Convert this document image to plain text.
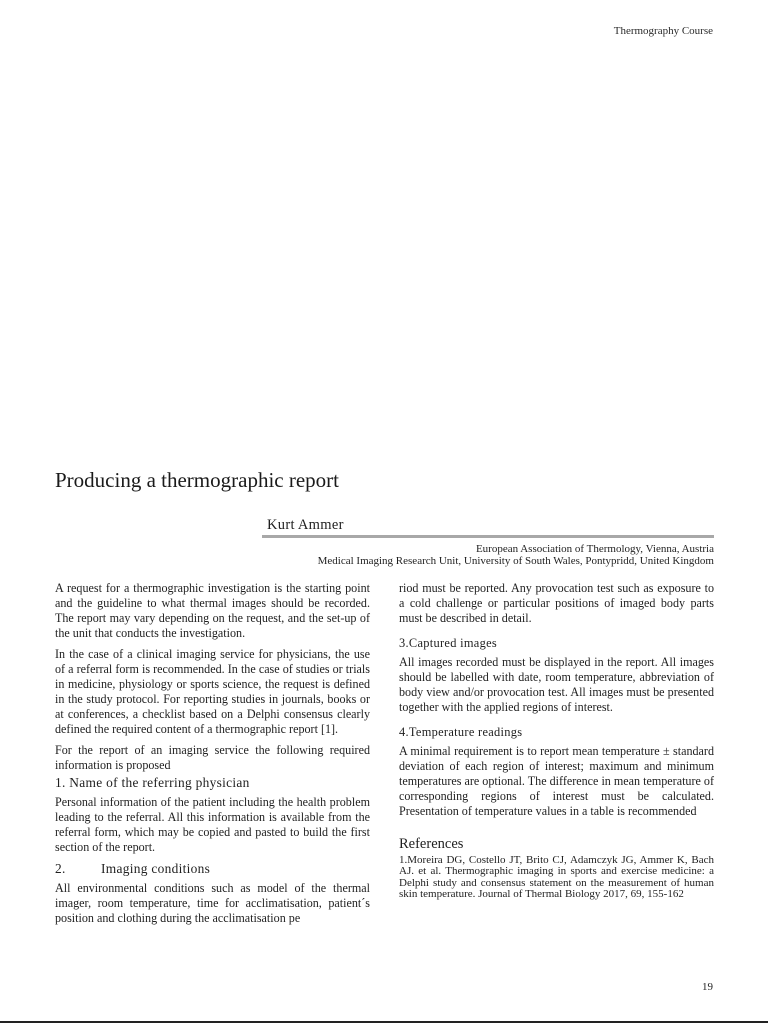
Thermography Course
Producing a thermographic report
Kurt Ammer
European Association of Thermology, Vienna, Austria
Medical Imaging Research Unit, University of South Wales, Pontypridd, United Kingdom

A request for a thermographic investigation is the starting point and the guideline to what thermal images should be recorded. The report may vary depending on the request, and the set-up of the unit that conducts the investigation.

In the case of a clinical imaging service for physicians, the use of a referral form is recommended. In the case of studies or trials in medicine, physiology or sports science, the request is defined in the study protocol. For reporting studies in journals, books or at conferences, a checklist based on a Delphi consensus clearly defined the required content of a thermographic report [1].

For the report of an imaging service the following required information is proposed

1. Name of the referring physician

Personal information of the patient including the health problem leading to the referral. All this information is available from the referral form, which may be copied and pasted to build the first section of the report.

2.	Imaging conditions

All environmental conditions such as model of the thermal imager, room temperature, time for acclimatisation, patient´s position and clothing during the acclimatisation pe

riod must be reported. Any provocation test such as exposure to a cold challenge or particular positions of imaged body parts must be described in detail.

3.Captured images

All images recorded must be displayed in the report. All images should be labelled with date, room temperature, abbreviation of body view and/or provocation test. All images must be presented together with the applied regions of interest.

4.Temperature readings

A minimal requirement is to report mean temperature ± standard deviation of each region of interest; maximum and minimum temperatures are optional. The difference in mean temperature of corresponding regions of interest must be calculated. Presentation of temperature values in a table is recommended

References

1.Moreira DG, Costello JT, Brito CJ, Adamczyk JG, Ammer K, Bach AJ. et al. Thermographic imaging in sports and exercise medicine: a Delphi study and consensus statement on the measurement of human skin temperature. Journal of Thermal Biology 2017, 69, 155-162

19
